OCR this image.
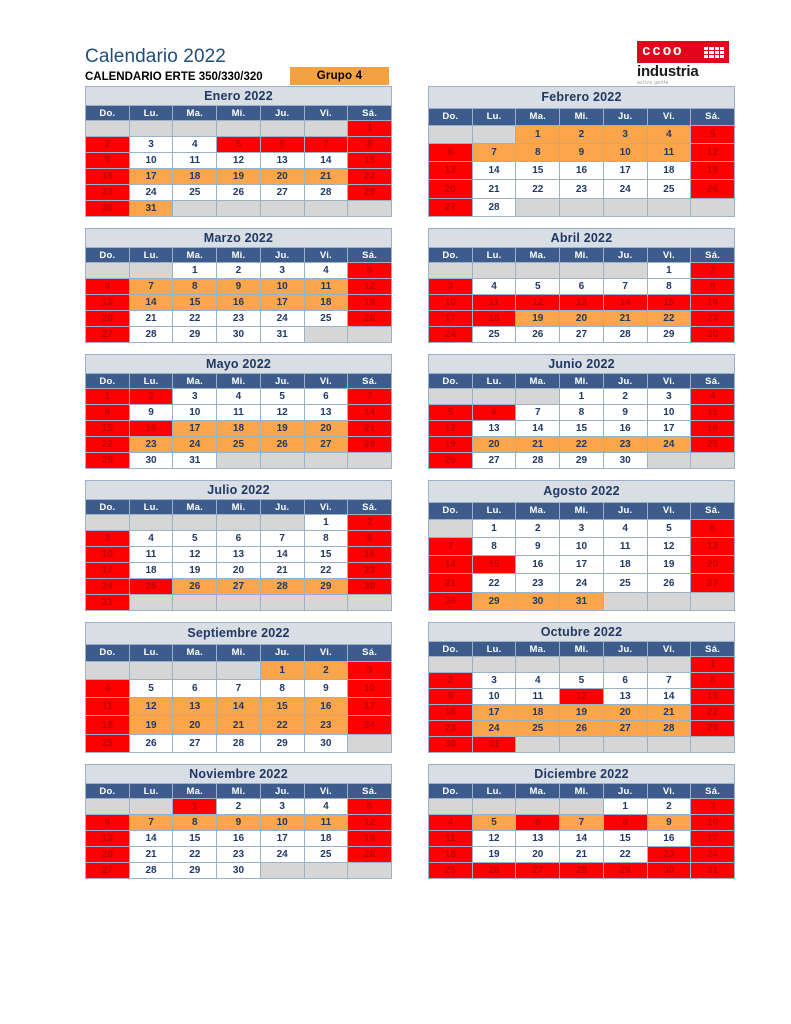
Calendario 2022
CALENDARIO ERTE 350/330/320	Grupo 4
ccoo
industria
activa gente
Enero 2022						
Do.	Lu.	Ma.	Mi.	Ju.	Vi.	Sá.
						1
2	3	4	5	6	7	8
9	10	11	12	13	14	15
16	17	18	19	20	21	22
23	24	25	26	27	28	29
30	31					
Febrero 2022						
Do.	Lu.	Ma.	Mi.	Ju.	Vi.	Sá.
		1	2	3	4	5
6	7	8	9	10	11	12
13	14	15	16	17	18	19
20	21	22	23	24	25	26
27	28					
Marzo 2022						
Do.	Lu.	Ma.	Mi.	Ju.	Vi.	Sá.
		1	2	3	4	5
6	7	8	9	10	11	12
13	14	15	16	17	18	19
20	21	22	23	24	25	26
27	28	29	30	31		
Abril 2022						
Do.	Lu.	Ma.	Mi.	Ju.	Vi.	Sá.
					1	2
3	4	5	6	7	8	9
10	11	12	13	14	15	16
17	18	19	20	21	22	23
24	25	26	27	28	29	30
Mayo 2022						
Do.	Lu.	Ma.	Mi.	Ju.	Vi.	Sá.
1	2	3	4	5	6	7
8	9	10	11	12	13	14
15	16	17	18	19	20	21
22	23	24	25	26	27	28
29	30	31				
Junio 2022						
Do.	Lu.	Ma.	Mi.	Ju.	Vi.	Sá.
			1	2	3	4
5	6	7	8	9	10	11
12	13	14	15	16	17	18
19	20	21	22	23	24	25
26	27	28	29	30		
Julio 2022						
Do.	Lu.	Ma.	Mi.	Ju.	Vi.	Sá.
					1	2
3	4	5	6	7	8	9
10	11	12	13	14	15	16
17	18	19	20	21	22	23
24	25	26	27	28	29	30
31						
Agosto 2022						
Do.	Lu.	Ma.	Mi.	Ju.	Vi.	Sá.
	1	2	3	4	5	6
7	8	9	10	11	12	13
14	15	16	17	18	19	20
21	22	23	24	25	26	27
28	29	30	31			
Septiembre 2022						
Do.	Lu.	Ma.	Mi.	Ju.	Vi.	Sá.
				1	2	3
4	5	6	7	8	9	10
11	12	13	14	15	16	17
18	19	20	21	22	23	24
25	26	27	28	29	30	
Octubre 2022						
Do.	Lu.	Ma.	Mi.	Ju.	Vi.	Sá.
						1
2	3	4	5	6	7	8
9	10	11	12	13	14	15
16	17	18	19	20	21	22
23	24	25	26	27	28	29
30	31					
Noviembre 2022						
Do.	Lu.	Ma.	Mi.	Ju.	Vi.	Sá.
		1	2	3	4	5
6	7	8	9	10	11	12
13	14	15	16	17	18	19
20	21	22	23	24	25	26
27	28	29	30			
Diciembre 2022						
Do.	Lu.	Ma.	Mi.	Ju.	Vi.	Sá.
				1	2	3
4	5	6	7	8	9	10
11	12	13	14	15	16	17
18	19	20	21	22	23	24
25	26	27	28	29	30	31
